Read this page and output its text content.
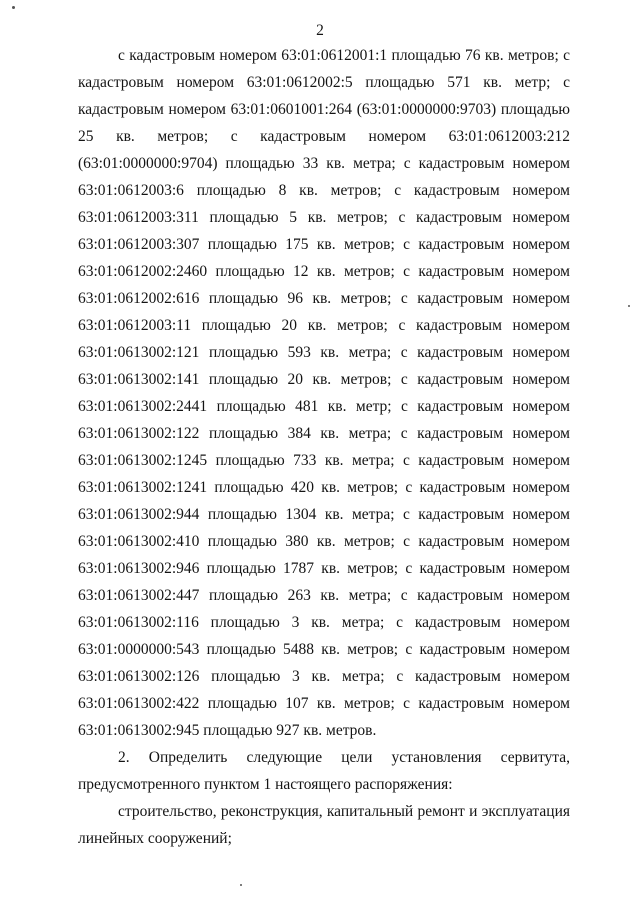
2
с кадастровым номером 63:01:0612001:1 площадью 76 кв. метров; с
кадастровым номером 63:01:0612002:5 площадью 571 кв. метр; с
кадастровым номером 63:01:0601001:264 (63:01:0000000:9703) площадью
25 кв. метров; с кадастровым номером 63:01:0612003:212
(63:01:0000000:9704) площадью 33 кв. метра; с кадастровым номером
63:01:0612003:6 площадью 8 кв. метров; с кадастровым номером
63:01:0612003:311 площадью 5 кв. метров; с кадастровым номером
63:01:0612003:307 площадью 175 кв. метров; с кадастровым номером
63:01:0612002:2460 площадью 12 кв. метров; с кадастровым номером
63:01:0612002:616 площадью 96 кв. метров; с кадастровым номером
63:01:0612003:11 площадью 20 кв. метров; с кадастровым номером
63:01:0613002:121 площадью 593 кв. метра; с кадастровым номером
63:01:0613002:141 площадью 20 кв. метров; с кадастровым номером
63:01:0613002:2441 площадью 481 кв. метр; с кадастровым номером
63:01:0613002:122 площадью 384 кв. метра; с кадастровым номером
63:01:0613002:1245 площадью 733 кв. метра; с кадастровым номером
63:01:0613002:1241 площадью 420 кв. метров; с кадастровым номером
63:01:0613002:944 площадью 1304 кв. метра; с кадастровым номером
63:01:0613002:410 площадью 380 кв. метров; с кадастровым номером
63:01:0613002:946 площадью 1787 кв. метров; с кадастровым номером
63:01:0613002:447 площадью 263 кв. метра; с кадастровым номером
63:01:0613002:116 площадью 3 кв. метра; с кадастровым номером
63:01:0000000:543 площадью 5488 кв. метров; с кадастровым номером
63:01:0613002:126 площадью 3 кв. метра; с кадастровым номером
63:01:0613002:422 площадью 107 кв. метров; с кадастровым номером
63:01:0613002:945 площадью 927 кв. метров.
2. Определить следующие цели установления сервитута,
предусмотренного пунктом 1 настоящего распоряжения:
строительство, реконструкция, капитальный ремонт и эксплуатация
линейных сооружений;
